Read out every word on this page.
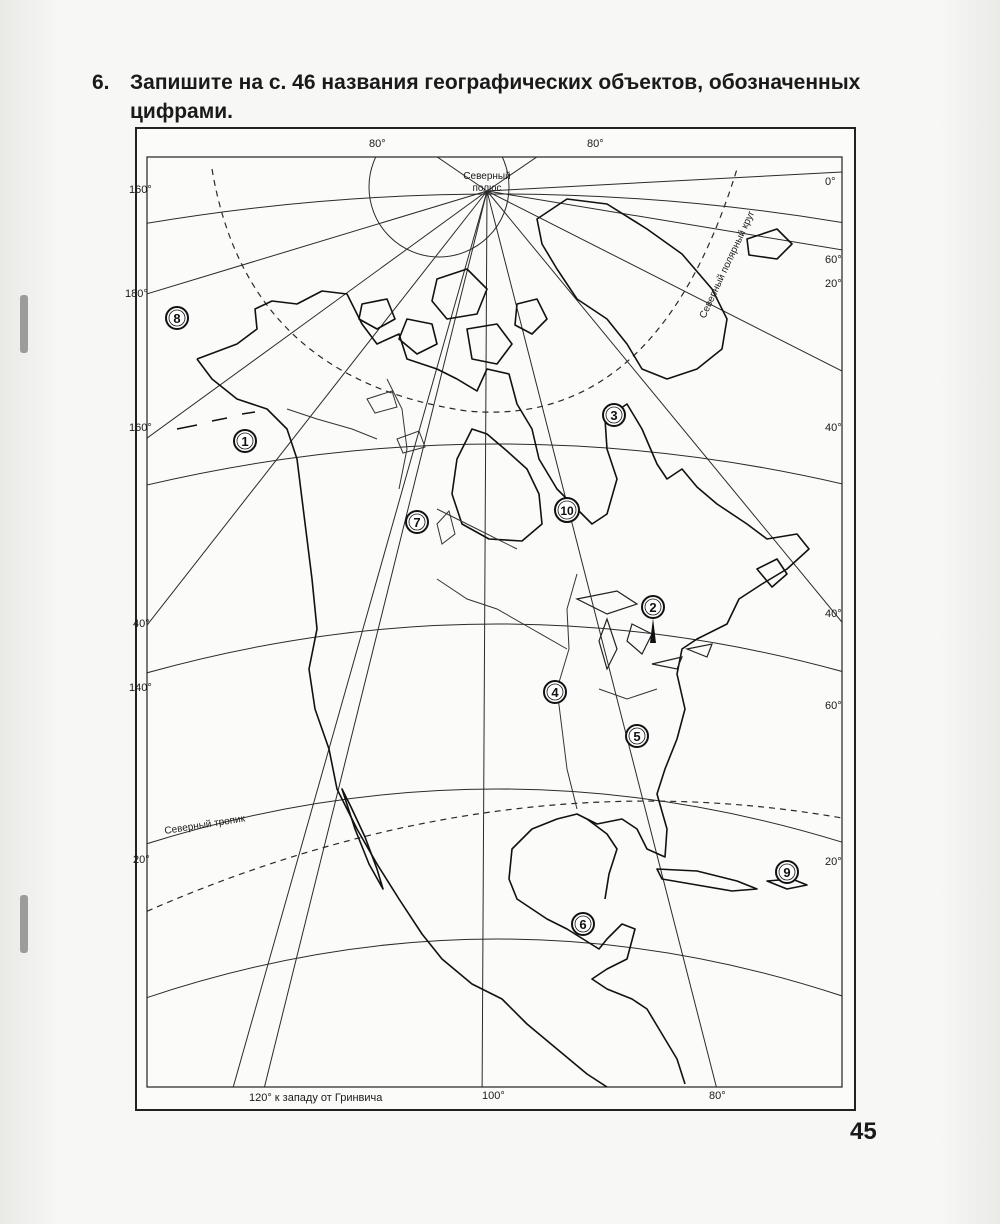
6. Запишите на с. 46 названия географических объектов, обозначенных цифрами.
80°	80°
160°
180°
160°
40°
140°
20°
0°
60°
20°
40°
40°
60°
20°
100°	80°
120° к западу от Гринвича
Северный
полюс
Северный полярный круг
Северный тропик
1
2
3
4
5
6
7
8
9
10
45
